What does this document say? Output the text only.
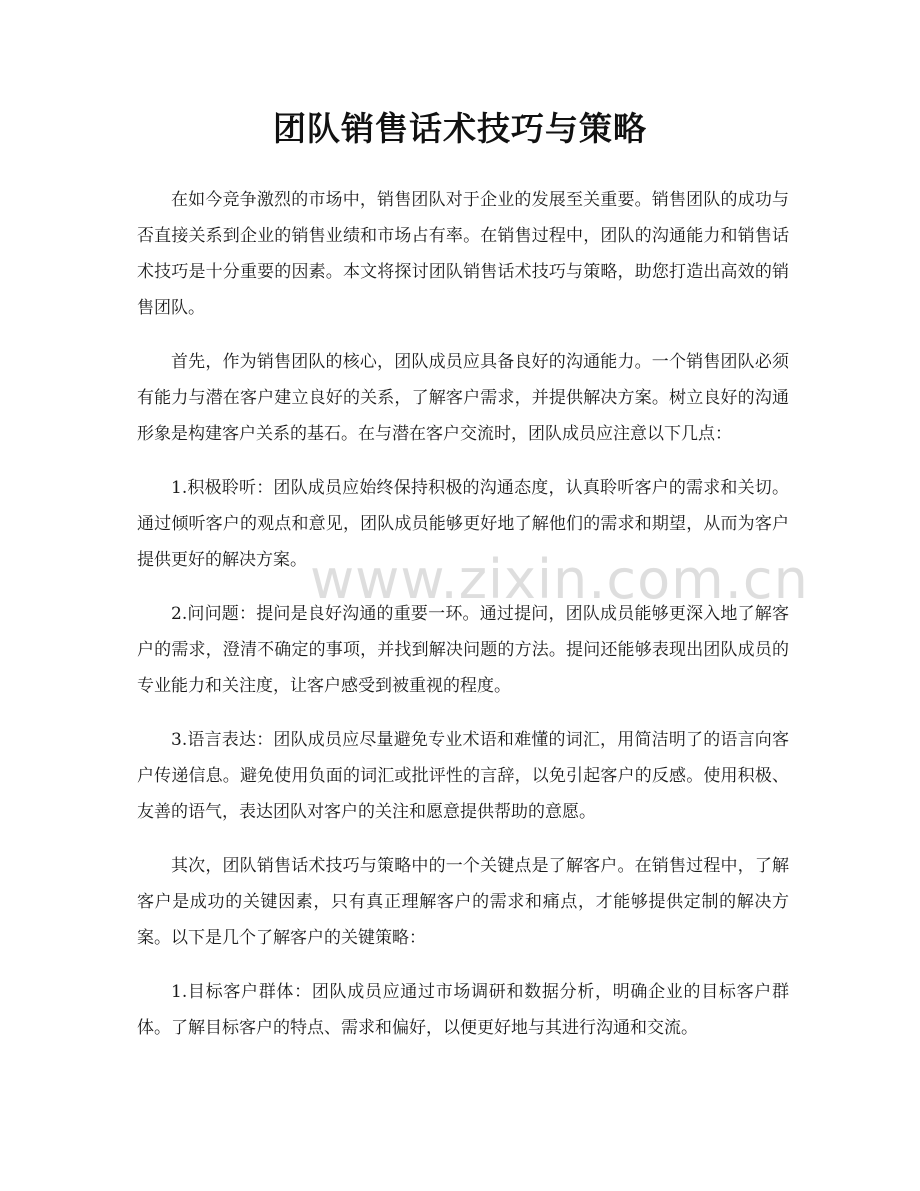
团队销售话术技巧与策略

在如今竞争激烈的市场中，销售团队对于企业的发展至关重要。销售团队的成功与否直接关系到企业的销售业绩和市场占有率。在销售过程中，团队的沟通能力和销售话术技巧是十分重要的因素。本文将探讨团队销售话术技巧与策略，助您打造出高效的销售团队。

首先，作为销售团队的核心，团队成员应具备良好的沟通能力。一个销售团队必须有能力与潜在客户建立良好的关系，了解客户需求，并提供解决方案。树立良好的沟通形象是构建客户关系的基石。在与潜在客户交流时，团队成员应注意以下几点：

1.积极聆听：团队成员应始终保持积极的沟通态度，认真聆听客户的需求和关切。通过倾听客户的观点和意见，团队成员能够更好地了解他们的需求和期望，从而为客户提供更好的解决方案。

2.问问题：提问是良好沟通的重要一环。通过提问，团队成员能够更深入地了解客户的需求，澄清不确定的事项，并找到解决问题的方法。提问还能够表现出团队成员的专业能力和关注度，让客户感受到被重视的程度。

3.语言表达：团队成员应尽量避免专业术语和难懂的词汇，用简洁明了的语言向客户传递信息。避免使用负面的词汇或批评性的言辞，以免引起客户的反感。使用积极、友善的语气，表达团队对客户的关注和愿意提供帮助的意愿。

其次，团队销售话术技巧与策略中的一个关键点是了解客户。在销售过程中，了解客户是成功的关键因素，只有真正理解客户的需求和痛点，才能够提供定制的解决方案。以下是几个了解客户的关键策略：

1.目标客户群体：团队成员应通过市场调研和数据分析，明确企业的目标客户群体。了解目标客户的特点、需求和偏好，以便更好地与其进行沟通和交流。

www.zixin.com.cn
